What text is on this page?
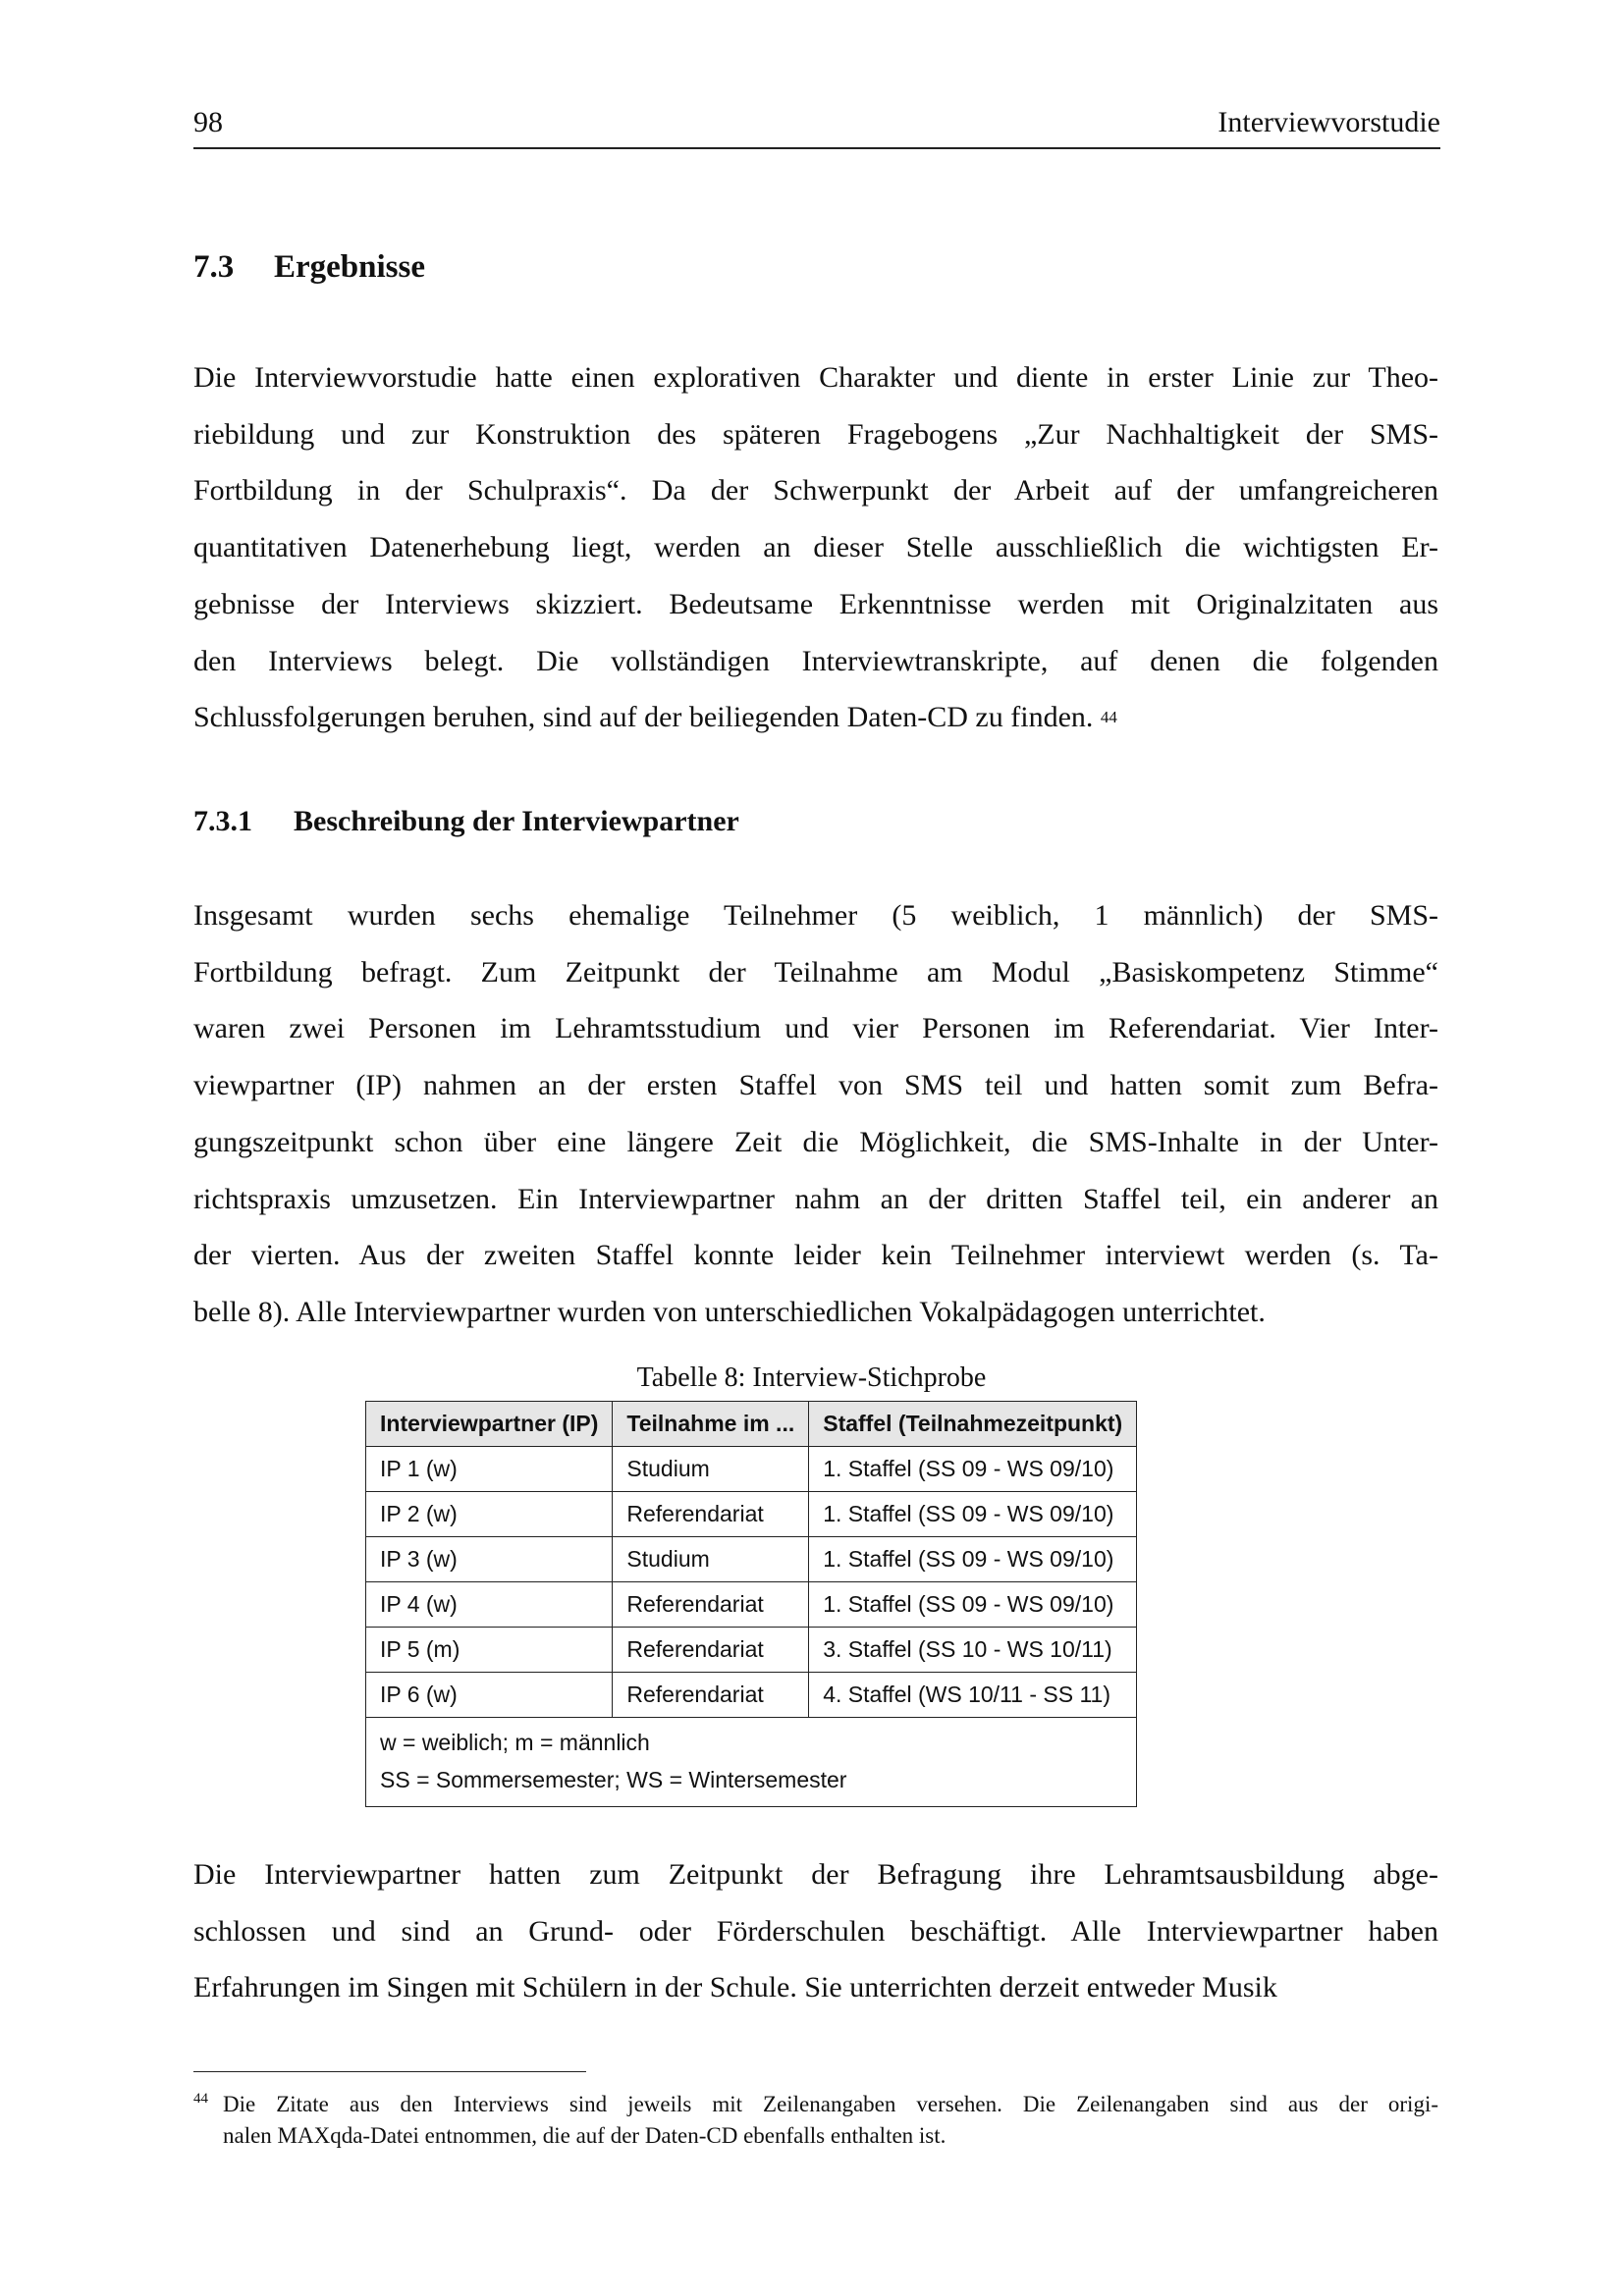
98	Interviewvorstudie
7.3 Ergebnisse
Die Interviewvorstudie hatte einen explorativen Charakter und diente in erster Linie zur Theo-
riebildung und zur Konstruktion des späteren Fragebogens „Zur Nachhaltigkeit der SMS-
Fortbildung in der Schulpraxis“. Da der Schwerpunkt der Arbeit auf der umfangreicheren
quantitativen Datenerhebung liegt, werden an dieser Stelle ausschließlich die wichtigsten Er-
gebnisse der Interviews skizziert. Bedeutsame Erkenntnisse werden mit Originalzitaten aus
den Interviews belegt. Die vollständigen Interviewtranskripte, auf denen die folgenden
Schlussfolgerungen beruhen, sind auf der beiliegenden Daten-CD zu finden. $^{44}$
7.3.1 Beschreibung der Interviewpartner
Insgesamt wurden sechs ehemalige Teilnehmer (5 weiblich, 1 männlich) der SMS-
Fortbildung befragt. Zum Zeitpunkt der Teilnahme am Modul „Basiskompetenz Stimme“
waren zwei Personen im Lehramtsstudium und vier Personen im Referendariat. Vier Inter-
viewpartner (IP) nahmen an der ersten Staffel von SMS teil und hatten somit zum Befra-
gungszeitpunkt schon über eine längere Zeit die Möglichkeit, die SMS-Inhalte in der Unter-
richtspraxis umzusetzen. Ein Interviewpartner nahm an der dritten Staffel teil, ein anderer an
der vierten. Aus der zweiten Staffel konnte leider kein Teilnehmer interviewt werden (s. Ta-
belle 8). Alle Interviewpartner wurden von unterschiedlichen Vokalpädagogen unterrichtet.
Tabelle 8: Interview-Stichprobe
Interviewpartner (IP)	Teilnahme im ...	Staffel (Teilnahmezeitpunkt)
IP 1 (w)	Studium	1. Staffel (SS 09 - WS 09/10)
IP 2 (w)	Referendariat	1. Staffel (SS 09 - WS 09/10)
IP 3 (w)	Studium	1. Staffel (SS 09 - WS 09/10)
IP 4 (w)	Referendariat	1. Staffel (SS 09 - WS 09/10)
IP 5 (m)	Referendariat	3. Staffel (SS 10 - WS 10/11)
IP 6 (w)	Referendariat	4. Staffel (WS 10/11 - SS 11)

w = weiblich; m = männlich
SS = Sommersemester; WS = Wintersemester		
Die Interviewpartner hatten zum Zeitpunkt der Befragung ihre Lehramtsausbildung abge-
schlossen und sind an Grund- oder Förderschulen beschäftigt. Alle Interviewpartner haben
Erfahrungen im Singen mit Schülern in der Schule. Sie unterrichten derzeit entweder Musik
44 Die Zitate aus den Interviews sind jeweils mit Zeilenangaben versehen. Die Zeilenangaben sind aus der origi-
nalen MAXqda-Datei entnommen, die auf der Daten-CD ebenfalls enthalten ist.
